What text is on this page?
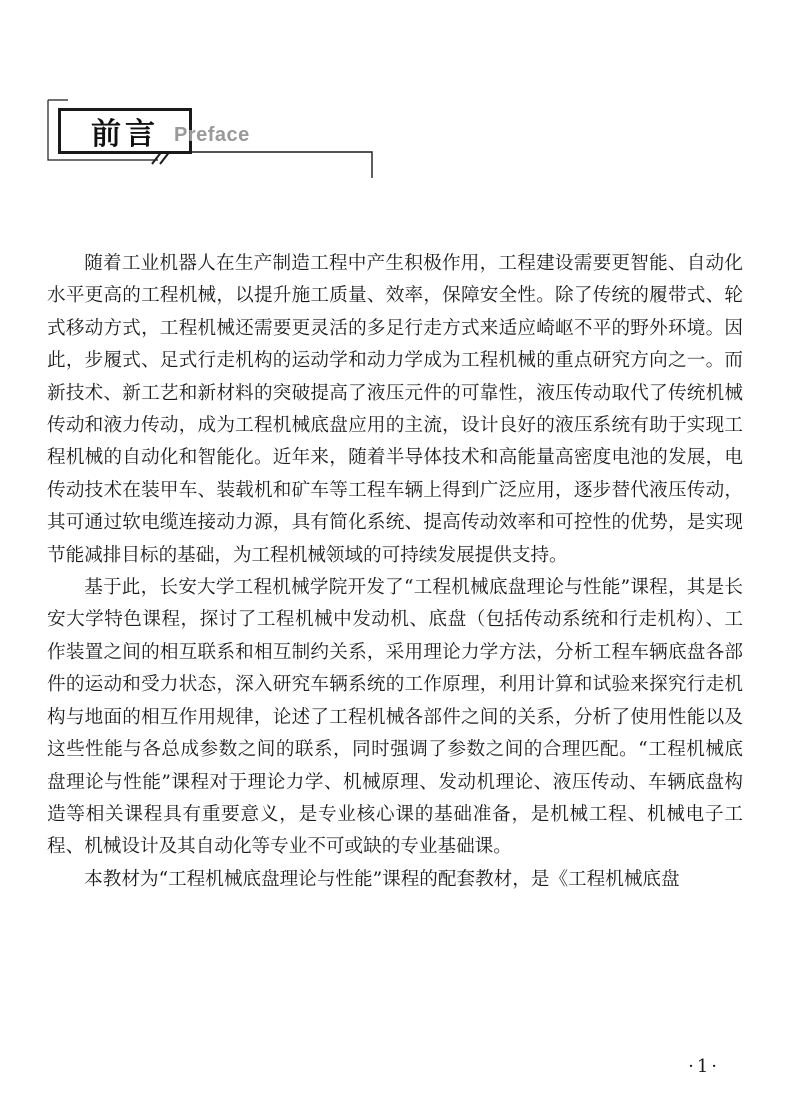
前言 Preface

随着工业机器人在生产制造工程中产生积极作用，工程建设需要更智能、自动化水平更高的工程机械，以提升施工质量、效率，保障安全性。除了传统的履带式、轮式移动方式，工程机械还需要更灵活的多足行走方式来适应崎岖不平的野外环境。因此，步履式、足式行走机构的运动学和动力学成为工程机械的重点研究方向之一。而新技术、新工艺和新材料的突破提高了液压元件的可靠性，液压传动取代了传统机械传动和液力传动，成为工程机械底盘应用的主流，设计良好的液压系统有助于实现工程机械的自动化和智能化。近年来，随着半导体技术和高能量高密度电池的发展，电传动技术在装甲车、装载机和矿车等工程车辆上得到广泛应用，逐步替代液压传动，其可通过软电缆连接动力源，具有简化系统、提高传动效率和可控性的优势，是实现节能减排目标的基础，为工程机械领域的可持续发展提供支持。

基于此，长安大学工程机械学院开发了“工程机械底盘理论与性能”课程，其是长安大学特色课程，探讨了工程机械中发动机、底盘（包括传动系统和行走机构）、工作装置之间的相互联系和相互制约关系，采用理论力学方法，分析工程车辆底盘各部件的运动和受力状态，深入研究车辆系统的工作原理，利用计算和试验来探究行走机构与地面的相互作用规律，论述了工程机械各部件之间的关系，分析了使用性能以及这些性能与各总成参数之间的联系，同时强调了参数之间的合理匹配。“工程机械底盘理论与性能”课程对于理论力学、机械原理、发动机理论、液压传动、车辆底盘构造等相关课程具有重要意义，是专业核心课的基础准备，是机械工程、机械电子工程、机械设计及其自动化等专业不可或缺的专业基础课。

本教材为“工程机械底盘理论与性能”课程的配套教材，是《工程机械底盘

·1·
